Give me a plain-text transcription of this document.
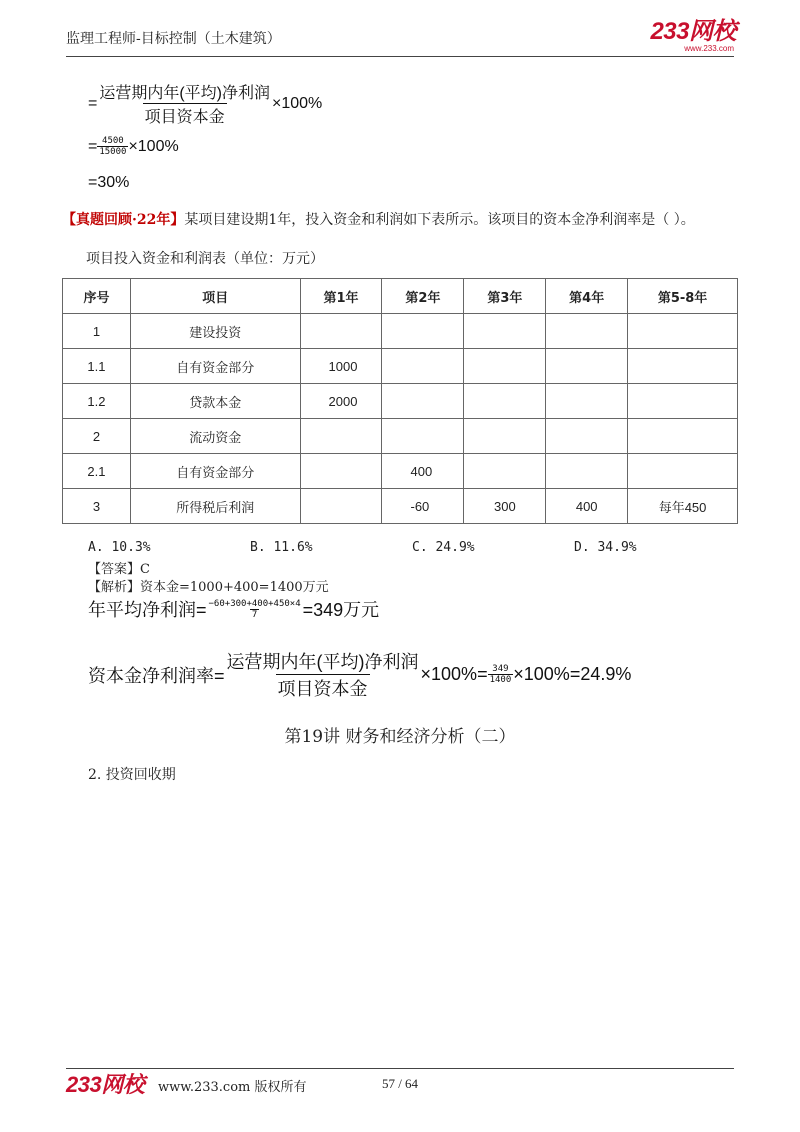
监理工程师-目标控制（土木建筑）	233网校
www.233.com
= $\frac{\text{运营期内年(平均)净利润}}{\text{项目资本金}} \times 100\%$
= $\frac{4500}{15000} \times 100\%$
=30%
【真题回顾·22年】某项目建设期1年，投入资金和利润如下表所示。该项目的资本金净利润率是（ ）。
项目投入资金和利润表（单位：万元）
序号	项目	第1年	第2年	第3年	第4年	第5-8年
1	建设投资					
1.1	自有资金部分	1000				
1.2	贷款本金	2000				
2	流动资金					
2.1	自有资金部分		400			
3	所得税后利润		-60	300	400	每年450
A. 10.3%	B. 11.6%	C. 24.9%	D. 34.9%
【答案】C
【解析】资本金=1000+400=1400万元
年平均净利润= $\frac{-60+300+400+450\times 4}{7} =349$万元
资本金净利润率= $\frac{\text{运营期内年(平均)净利润}}{\text{项目资本金}} \times 100\%= \frac{349}{1400} \times 100\%=24.9\%$
第19讲 财务和经济分析（二）
2. 投资回收期
233网校 www.233.com 版权所有	57 / 64
